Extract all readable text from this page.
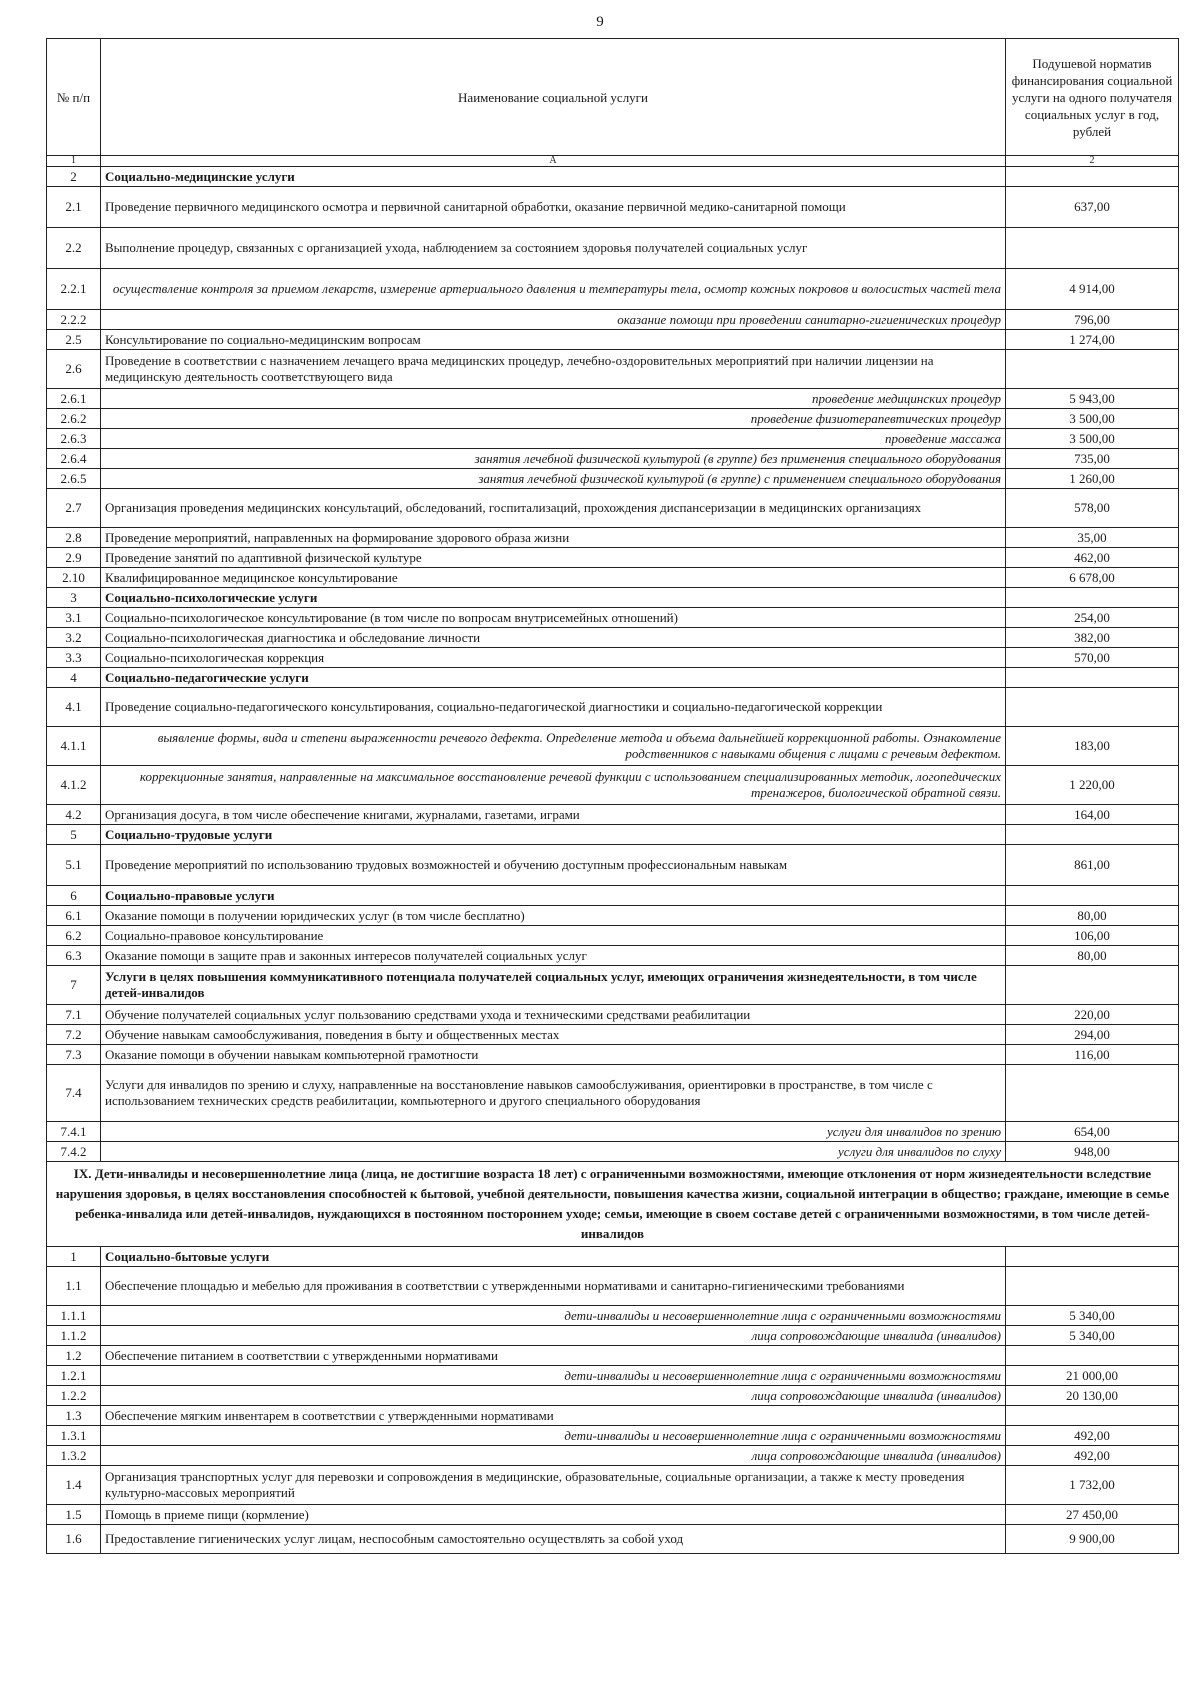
9
№ п/п	Наименование социальной услуги	Подушевой норматив финансирования социальной услуги на одного получателя социальных услуг в год, рублей
1	А	2
2	Социально-медицинские услуги	
2.1	Проведение первичного медицинского осмотра и первичной санитарной обработки, оказание первичной медико-санитарной помощи	637,00
2.2	Выполнение процедур, связанных с организацией ухода, наблюдением за состоянием здоровья получателей социальных услуг	
2.2.1	осуществление контроля за приемом лекарств, измерение артериального давления и температуры тела, осмотр кожных покровов и волосистых частей тела	4 914,00
2.2.2	оказание помощи при проведении санитарно-гигиенических процедур	796,00
2.5	Консультирование по социально-медицинским вопросам	1 274,00
2.6	Проведение в соответствии с назначением лечащего врача медицинских процедур, лечебно-оздоровительных мероприятий при наличии лицензии на медицинскую деятельность соответствующего вида	
2.6.1	проведение медицинских процедур	5 943,00
2.6.2	проведение физиотерапевтических процедур	3 500,00
2.6.3	проведение массажа	3 500,00
2.6.4	занятия лечебной физической культурой (в группе) без применения специального оборудования	735,00
2.6.5	занятия лечебной физической культурой (в группе) с применением специального оборудования	1 260,00
2.7	Организация проведения медицинских консультаций, обследований, госпитализаций, прохождения диспансеризации в медицинских организациях	578,00
2.8	Проведение мероприятий, направленных на формирование здорового образа жизни	35,00
2.9	Проведение занятий по адаптивной физической культуре	462,00
2.10	Квалифицированное медицинское консультирование	6 678,00
3	Социально-психологические услуги	
3.1	Социально-психологическое консультирование (в том числе по вопросам внутрисемейных отношений)	254,00
3.2	Социально-психологическая диагностика и обследование личности	382,00
3.3	Социально-психологическая коррекция	570,00
4	Социально-педагогические услуги	
4.1	Проведение социально-педагогического консультирования, социально-педагогической диагностики и социально-педагогической коррекции	
4.1.1	выявление формы, вида и степени выраженности речевого дефекта. Определение метода и объема дальнейшей коррекционной работы. Ознакомление родственников с навыками общения с лицами с речевым дефектом.	183,00
4.1.2	коррекционные занятия, направленные на максимальное восстановление речевой функции с использованием специализированных методик, логопедических тренажеров, биологической обратной связи.	1 220,00
4.2	Организация досуга, в том числе обеспечение книгами, журналами, газетами, играми	164,00
5	Социально-трудовые услуги	
5.1	Проведение мероприятий по использованию трудовых возможностей и обучению доступным профессиональным навыкам	861,00
6	Социально-правовые услуги	
6.1	Оказание помощи в получении юридических услуг (в том числе бесплатно)	80,00
6.2	Социально-правовое консультирование	106,00
6.3	Оказание помощи в защите прав и законных интересов получателей социальных услуг	80,00
7	Услуги в целях повышения коммуникативного потенциала получателей социальных услуг, имеющих ограничения жизнедеятельности, в том числе детей-инвалидов	
7.1	Обучение получателей социальных услуг пользованию средствами ухода и техническими средствами реабилитации	220,00
7.2	Обучение навыкам самообслуживания, поведения в быту и общественных местах	294,00
7.3	Оказание помощи в обучении навыкам компьютерной грамотности	116,00
7.4	Услуги для инвалидов по зрению и слуху, направленные на восстановление навыков самообслуживания, ориентировки в пространстве, в том числе с использованием технических средств реабилитации, компьютерного и другого специального оборудования	
7.4.1	услуги для инвалидов по зрению	654,00
7.4.2	услуги для инвалидов по слуху	948,00
IX. Дети-инвалиды и несовершеннолетние лица (лица, не достигшие возраста 18 лет) с ограниченными возможностями, имеющие отклонения от норм жизнедеятельности вследствие нарушения здоровья, в целях восстановления способностей к бытовой, учебной деятельности, повышения качества жизни, социальной интеграции в общество; граждане, имеющие в семье ребенка-инвалида или детей-инвалидов, нуждающихся в постоянном постороннем уходе; семьи, имеющие в своем составе детей с ограниченными возможностями, в том числе детей-инвалидов		
1	Социально-бытовые услуги	
1.1	Обеспечение площадью и мебелью для проживания в соответствии с утвержденными нормативами и санитарно-гигиеническими требованиями	
1.1.1	дети-инвалиды и несовершеннолетние лица с ограниченными возможностями	5 340,00
1.1.2	лица сопровождающие инвалида (инвалидов)	5 340,00
1.2	Обеспечение питанием в соответствии с утвержденными нормативами	
1.2.1	дети-инвалиды и несовершеннолетние лица с ограниченными возможностями	21 000,00
1.2.2	лица сопровождающие инвалида (инвалидов)	20 130,00
1.3	Обеспечение мягким инвентарем в соответствии с утвержденными нормативами	
1.3.1	дети-инвалиды и несовершеннолетние лица с ограниченными возможностями	492,00
1.3.2	лица сопровождающие инвалида (инвалидов)	492,00
1.4	Организация транспортных услуг для перевозки и сопровождения в медицинские, образовательные, социальные организации, а также к месту проведения культурно-массовых мероприятий	1 732,00
1.5	Помощь в приеме пищи (кормление)	27 450,00
1.6	Предоставление гигиенических услуг лицам, неспособным самостоятельно осуществлять за собой уход	9 900,00
